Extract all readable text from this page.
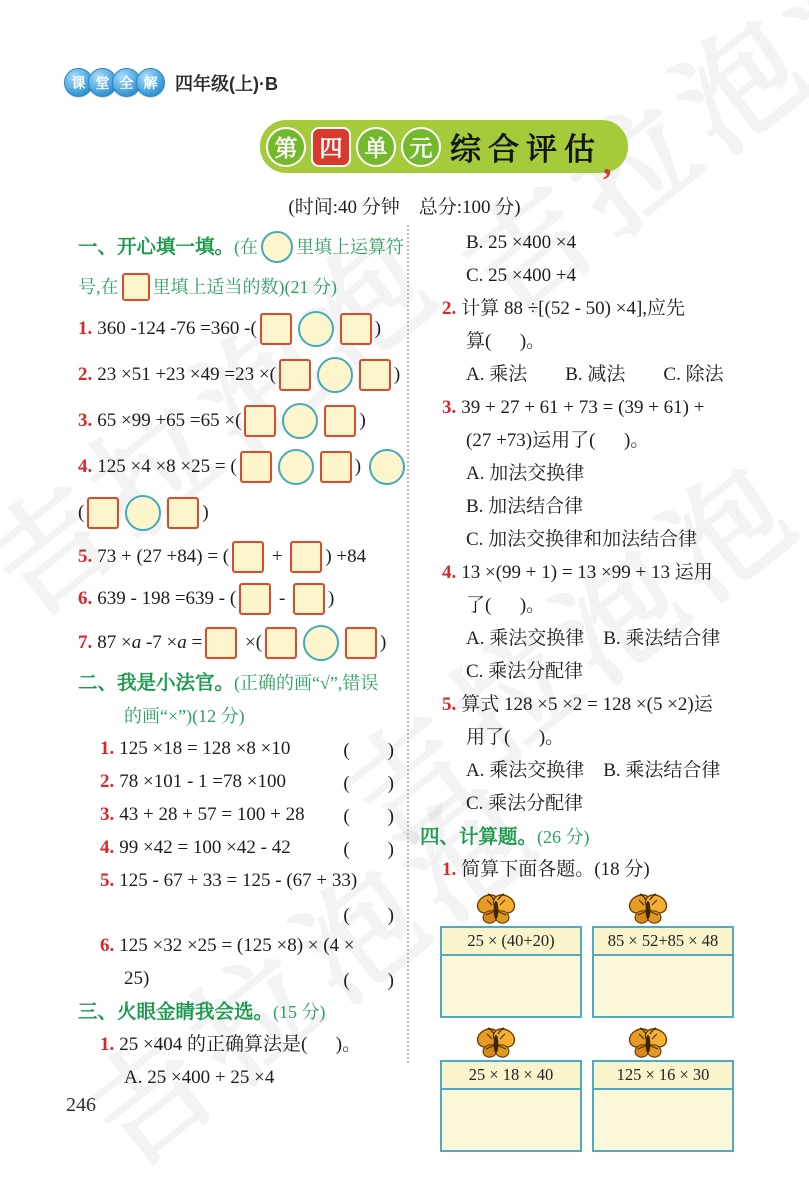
课 堂 全 解 四年级(上)·B
第 四 单 元 综合评估 ,
(时间:40 分钟　总分:100 分)
一、开心填一填。 (在 里填上运算符
号,在 里填上适当的数)(21 分)
1. 360 -124 -76 =360 -(	)
2. 23 ×51 +23 ×49 =23 ×(	)
3. 65 ×99 +65 =65 ×(	)
4. 125 ×4 ×8 ×25 = (	)
(	)
5. 73 + (27 +84) = ( + ) +84
6. 639 - 198 =639 - ( - )
7. 87 × a -7 × a = ×(	)
二、我是小法官。 (正确的画“√”,错误
的画“×”)(12 分)
1. 125 ×18 = 128 ×8 ×10	(　　)
2. 78 ×101 - 1 =78 ×100	(　　)
3. 43 + 28 + 57 = 100 + 28 (　　)
4. 99 ×42 = 100 ×42 - 42	(　　)
5. 125 - 67 + 33 = 125 - (67 + 33)
(　　)
6. 125 ×32 ×25 = (125 ×8) × (4 ×
25)	(　　)
三、火眼金睛我会选。 (15 分)
1. 25 ×404 的正确算法是(      )。
A. 25 ×400 + 25 ×4
B. 25 ×400 ×4
C. 25 ×400 +4
2. 计算 88 ÷[(52 - 50) ×4],应先
算(      )。
A. 乘法　　B. 减法　　C. 除法
3. 39 + 27 + 61 + 73 = (39 + 61) +
(27 +73)运用了(      )。
A. 加法交换律
B. 加法结合律
C. 加法交换律和加法结合律
4. 13 ×(99 + 1) = 13 ×99 + 13 运用
了(      )。
A. 乘法交换律　B. 乘法结合律
C. 乘法分配律
5. 算式 128 ×5 ×2 = 128 ×(5 ×2)运
用了(      )。
A. 乘法交换律　B. 乘法结合律
C. 乘法分配律
四、计算题。 (26 分)
1. 简算下面各题。(18 分)
25 × (40+20)	85 × 52+85 × 48
25 × 18 × 40	125 × 16 × 30
246
